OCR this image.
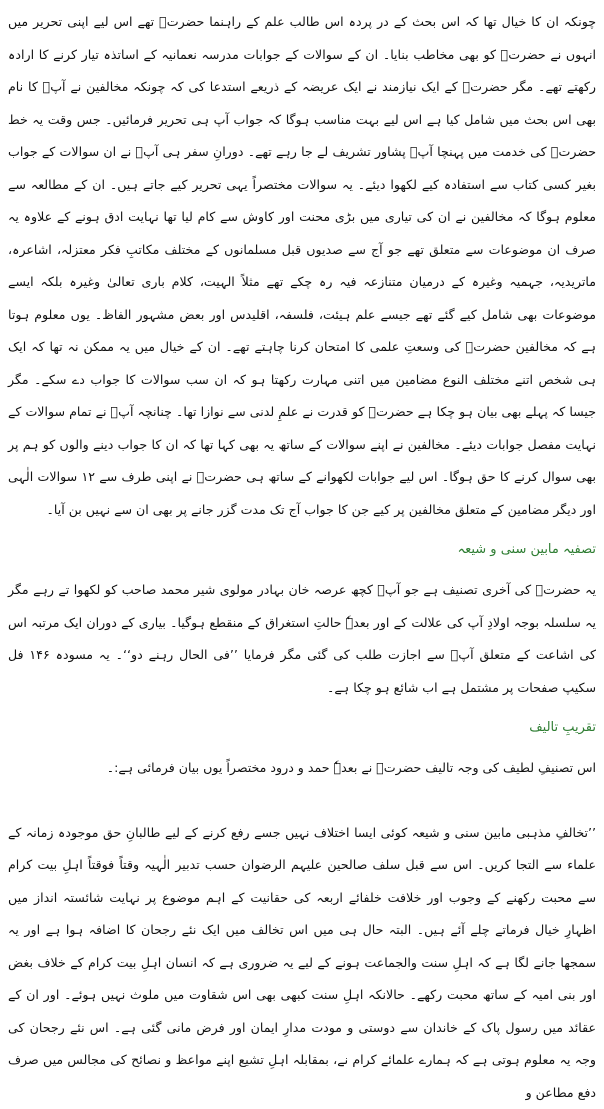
چونکہ ان کا خیال تھا کہ اس بحث کے در پردہ اس طالب علم کے راہنما حضرتؒ تھے اس لیے اپنی تحریر میں انہوں نے حضرتؒ کو بھی مخاطب بنایا۔ ان کے سوالات کے جوابات مدرسہ نعمانیہ کے اساتذہ تیار کرنے کا ارادہ رکھتے تھے۔ مگر حضرتؒ کے ایک نیازمند نے ایک عریضہ کے ذریعے استدعا کی کہ چونکہ مخالفین نے آپؒ کا نام بھی اس بحث میں شامل کیا ہے اس لیے بہت مناسب ہوگا کہ جواب آپ ہی تحریر فرمائیں۔ جس وقت یہ خط حضرتؒ کی خدمت میں پہنچا آپؒ پشاور تشریف لے جا رہے تھے۔ دورانِ سفر ہی آپؒ نے ان سوالات کے جواب بغیر کسی کتاب سے استفادہ کیے لکھوا دیئے۔ یہ سوالات مختصراً یہی تحریر کیے جاتے ہیں۔ ان کے مطالعہ سے معلوم ہوگا کہ مخالفین نے ان کی تیاری میں بڑی محنت اور کاوش سے کام لیا تھا نہایت ادق ہونے کے علاوہ یہ صرف ان موضوعات سے متعلق تھے جو آج سے صدیوں قبل مسلمانوں کے مختلف مکاتبِ فکر معتزلہ، اشاعرہ، ماتریدیہ، جہمیہ وغیرہ کے درمیان متنازعہ فیہ رہ چکے تھے مثلاً الہیت، کلام باری تعالیٰ وغیرہ بلکہ ایسے موضوعات بھی شامل کیے گئے تھے جیسے علم ہیئت، فلسفہ، اقلیدس اور بعض مشہور الفاظ۔ یوں معلوم ہوتا ہے کہ مخالفین حضرتؒ کی وسعتِ علمی کا امتحان کرنا چاہتے تھے۔ ان کے خیال میں یہ ممکن نہ تھا کہ ایک ہی شخص اتنے مختلف النوع مضامین میں اتنی مہارت رکھتا ہو کہ ان سب سوالات کا جواب دے سکے۔ مگر جیسا کہ پہلے بھی بیان ہو چکا ہے حضرتؒ کو قدرت نے علمِ لدنی سے نوازا تھا۔ چنانچہ آپؒ نے تمام سوالات کے نہایت مفصل جوابات دیئے۔ مخالفین نے اپنے سوالات کے ساتھ یہ بھی کہا تھا کہ ان کا جواب دینے والوں کو ہم پر بھی سوال کرنے کا حق ہوگا۔ اس لیے جوابات لکھوانے کے ساتھ ہی حضرتؒ نے اپنی طرف سے ۱۲ سوالات الٰہی اور دیگر مضامین کے متعلق مخالفین پر کیے جن کا جواب آج تک مدت گزر جانے پر بھی ان سے نہیں بن آیا۔

تصفیہ مابین سنی و شیعہ

یہ حضرتؒ کی آخری تصنیف ہے جو آپؒ کچھ عرصہ خان بہادر مولوی شیر محمد صاحب کو لکھوا تے رہے مگر یہ سلسلہ بوجہ اولادِ آپ کی علالت کے اور بعدہٗ حالتِ استغراق کے منقطع ہوگیا۔ بیاری کے دوران ایک مرتبہ اس کی اشاعت کے متعلق آپؒ سے اجازت طلب کی گئی مگر فرمایا ’’فی الحال رہنے دو‘‘۔ یہ مسودہ ۱۴۶ فل سکیپ صفحات پر مشتمل ہے اب شائع ہو چکا ہے۔

تقریبِ تالیف

اس تصنیفِ لطیف کی وجہ تالیف حضرتؒ نے بعدہٗ حمد و درود مختصراً یوں بیان فرمائی ہے:۔

’’تخالفِ مذہبی مابین سنی و شیعہ کوئی ایسا اختلاف نہیں جسے رفع کرنے کے لیے طالبانِ حق موجودہ زمانہ کے علماء سے التجا کریں۔ اس سے قبل سلف صالحین علیہم الرضوان حسب تدبیر الٰہیہ وقتاً فوقتاً اہلِ بیت کرام سے محبت رکھنے کے وجوب اور خلافت خلفائے اربعہ کی حقانیت کے اہم موضوع پر نہایت شائستہ انداز میں اظہارِ خیال فرماتے چلے آئے ہیں۔ البتہ حال ہی میں اس تخالف میں ایک نئے رجحان کا اضافہ ہوا ہے اور یہ سمجھا جانے لگا ہے کہ اہلِ سنت والجماعت ہونے کے لیے یہ ضروری ہے کہ انسان اہلِ بیت کرام کے خلاف بغض اور بنی امیہ کے ساتھ محبت رکھے۔ حالانکہ اہلِ سنت کبھی بھی اس شقاوت میں ملوث نہیں ہوئے۔ اور ان کے عقائد میں رسول پاک کے خاندان سے دوستی و مودت مدارِ ایمان اور فرض مانی گئی ہے۔ اس نئے رجحان کی وجہ یہ معلوم ہوتی ہے کہ ہمارے علمائے کرام نے، بمقابلہ اہلِ تشیع اپنے مواعظ و نصائح کی مجالس میں صرف دفع مطاعن و
